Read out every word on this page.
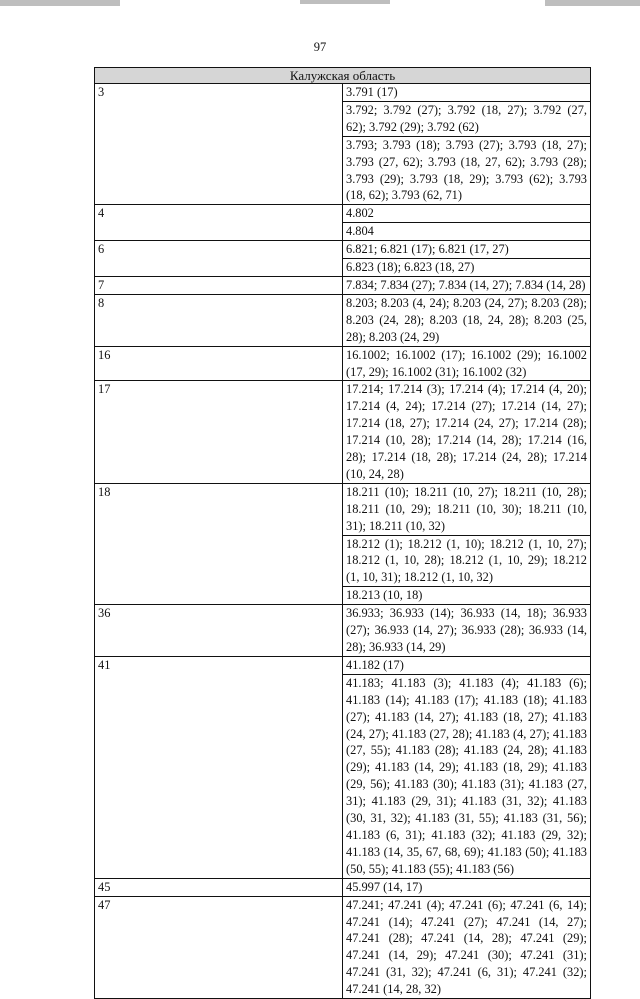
97
Калужская область	
3	3.791 (17)
	3.792; 3.792 (27); 3.792 (18, 27); 3.792 (27, 62); 3.792 (29); 3.792 (62)
	3.793; 3.793 (18); 3.793 (27); 3.793 (18, 27); 3.793 (27, 62); 3.793 (18, 27, 62); 3.793 (28); 3.793 (29); 3.793 (18, 29); 3.793 (62); 3.793 (18, 62); 3.793 (62, 71)
4	4.802
	4.804
6	6.821; 6.821 (17); 6.821 (17, 27)
	6.823 (18); 6.823 (18, 27)
7	7.834; 7.834 (27); 7.834 (14, 27); 7.834 (14, 28)
8	8.203; 8.203 (4, 24); 8.203 (24, 27); 8.203 (28); 8.203 (24, 28); 8.203 (18, 24, 28); 8.203 (25, 28); 8.203 (24, 29)
16	16.1002; 16.1002 (17); 16.1002 (29); 16.1002 (17, 29); 16.1002 (31); 16.1002 (32)
17	17.214; 17.214 (3); 17.214 (4); 17.214 (4, 20); 17.214 (4, 24); 17.214 (27); 17.214 (14, 27); 17.214 (18, 27); 17.214 (24, 27); 17.214 (28); 17.214 (10, 28); 17.214 (14, 28); 17.214 (16, 28); 17.214 (18, 28); 17.214 (24, 28); 17.214 (10, 24, 28)
18	18.211 (10); 18.211 (10, 27); 18.211 (10, 28); 18.211 (10, 29); 18.211 (10, 30); 18.211 (10, 31); 18.211 (10, 32)
	18.212 (1); 18.212 (1, 10); 18.212 (1, 10, 27); 18.212 (1, 10, 28); 18.212 (1, 10, 29); 18.212 (1, 10, 31); 18.212 (1, 10, 32)
	18.213 (10, 18)
36	36.933; 36.933 (14); 36.933 (14, 18); 36.933 (27); 36.933 (14, 27); 36.933 (28); 36.933 (14, 28); 36.933 (14, 29)
41	41.182 (17)
	41.183; 41.183 (3); 41.183 (4); 41.183 (6); 41.183 (14); 41.183 (17); 41.183 (18); 41.183 (27); 41.183 (14, 27); 41.183 (18, 27); 41.183 (24, 27); 41.183 (27, 28); 41.183 (4, 27); 41.183 (27, 55); 41.183 (28); 41.183 (24, 28); 41.183 (29); 41.183 (14, 29); 41.183 (18, 29); 41.183 (29, 56); 41.183 (30); 41.183 (31); 41.183 (27, 31); 41.183 (29, 31); 41.183 (31, 32); 41.183 (30, 31, 32); 41.183 (31, 55); 41.183 (31, 56); 41.183 (6, 31); 41.183 (32); 41.183 (29, 32); 41.183 (14, 35, 67, 68, 69); 41.183 (50); 41.183 (50, 55); 41.183 (55); 41.183 (56)
45	45.997 (14, 17)
47	47.241; 47.241 (4); 47.241 (6); 47.241 (6, 14); 47.241 (14); 47.241 (27); 47.241 (14, 27); 47.241 (28); 47.241 (14, 28); 47.241 (29); 47.241 (14, 29); 47.241 (30); 47.241 (31); 47.241 (31, 32); 47.241 (6, 31); 47.241 (32); 47.241 (14, 28, 32)
